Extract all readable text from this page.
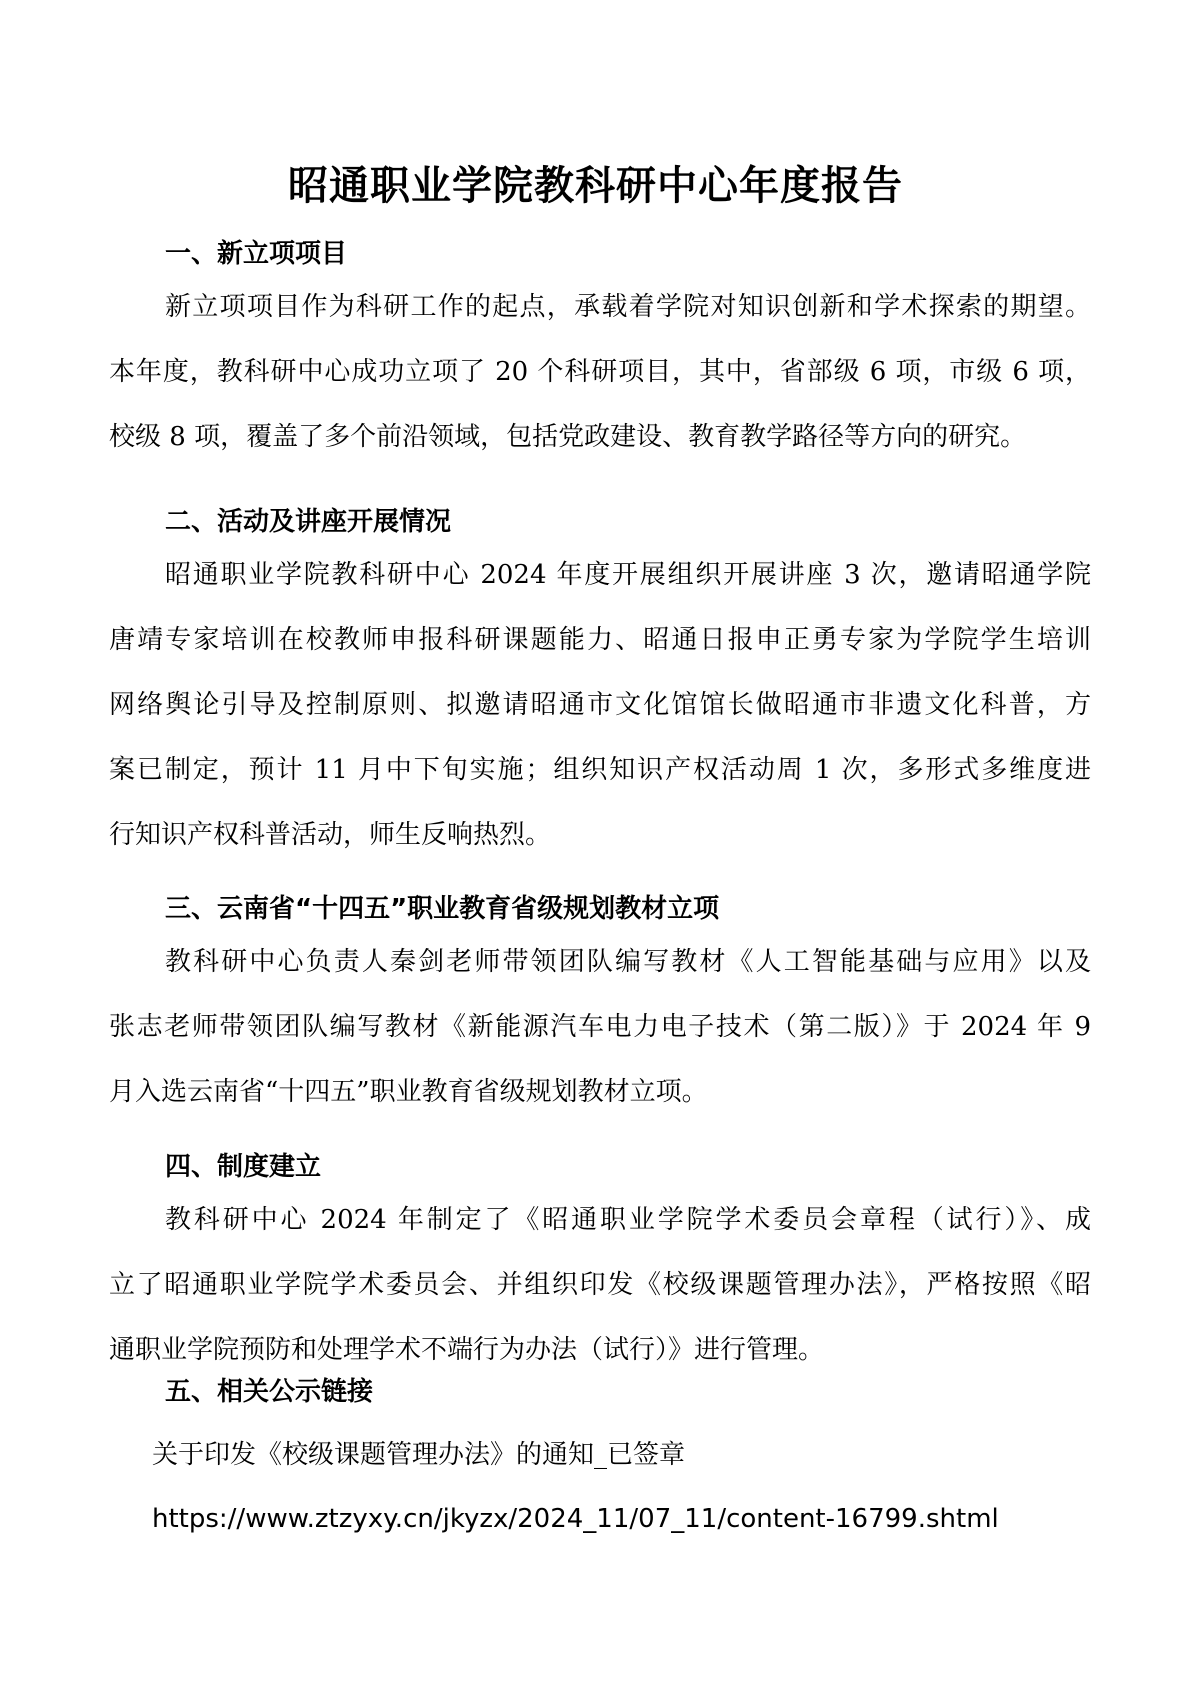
昭通职业学院教科研中心年度报告
一、新立项项目
新立项项目作为科研工作的起点，承载着学院对知识创新和学术探索的期望。
本年度，教科研中心成功立项了 20 个科研项目，其中，省部级 6 项，市级 6 项，
校级 8 项，覆盖了多个前沿领域，包括党政建设、教育教学路径等方向的研究。
二、活动及讲座开展情况
昭通职业学院教科研中心 2024 年度开展组织开展讲座 3 次，邀请昭通学院
唐靖专家培训在校教师申报科研课题能力、昭通日报申正勇专家为学院学生培训
网络舆论引导及控制原则、拟邀请昭通市文化馆馆长做昭通市非遗文化科普，方
案已制定，预计 11 月中下旬实施；组织知识产权活动周 1 次，多形式多维度进
行知识产权科普活动，师生反响热烈。
三、云南省“十四五”职业教育省级规划教材立项
教科研中心负责人秦剑老师带领团队编写教材《人工智能基础与应用》以及
张志老师带领团队编写教材《新能源汽车电力电子技术（第二版）》于 2024 年 9
月入选云南省“十四五”职业教育省级规划教材立项。
四、制度建立
教科研中心 2024 年制定了《昭通职业学院学术委员会章程（试行）》、成
立了昭通职业学院学术委员会、并组织印发《校级课题管理办法》，严格按照《昭
通职业学院预防和处理学术不端行为办法（试行）》进行管理。
五、相关公示链接

关于印发《校级课题管理办法》的通知_已签章

https://www.ztzyxy.cn/jkyzx/2024_11/07_11/content-16799.shtml
